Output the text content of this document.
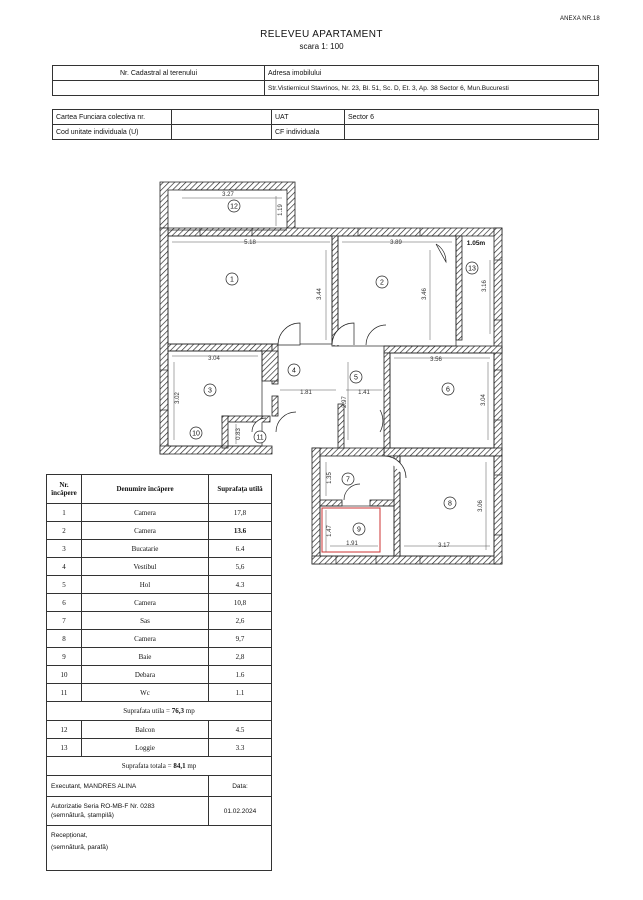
ANEXA NR.18
RELEVEU APARTAMENT
scara 1: 100
Nr. Cadastral al terenului	Adresa imobilului
	Str.Vistiernicul Stavrinos, Nr. 23, Bl. 51, Sc. D, Et. 3, Ap. 38 Sector 6, Mun.Bucuresti
Cartea Funciara colectiva nr.		UAT	Sector 6
Cod unitate individuala (U)		CF individuala	
12
1	2
13
3
4
5
6
10
11
7
8
9
3.27
1.19
5.18
3.44
3.89
3.46
1.05m
3.16
3.04
3.02	1.81	1.41
2.97
3.56
3.04
0.83
1.35
1.47
1.91	3.17
3.06
Nr. încăpere	Denumire încăpere	Suprafața utilă
1	Camera	17,8
2	Camera	13.6
3	Bucatarie	6.4
4	Vestibul	5,6
5	Hol	4.3
6	Camera	10,8
7	Sas	2,6
8	Camera	9,7
9	Baie	2,8
10	Debara	1.6
11	Wc	1.1
Suprafata utila = 76,3 mp		
12	Balcon	4.5
13	Loggie	3.3
Suprafata totala = 84,1 mp		
Executant, MANDRES ALINA		Data:

Autorizatie Seria RO-MB-F Nr. 0283
(semnătură, ștampilă)		01.02.2024

Recepționat,
(semnătură, parafă)		
